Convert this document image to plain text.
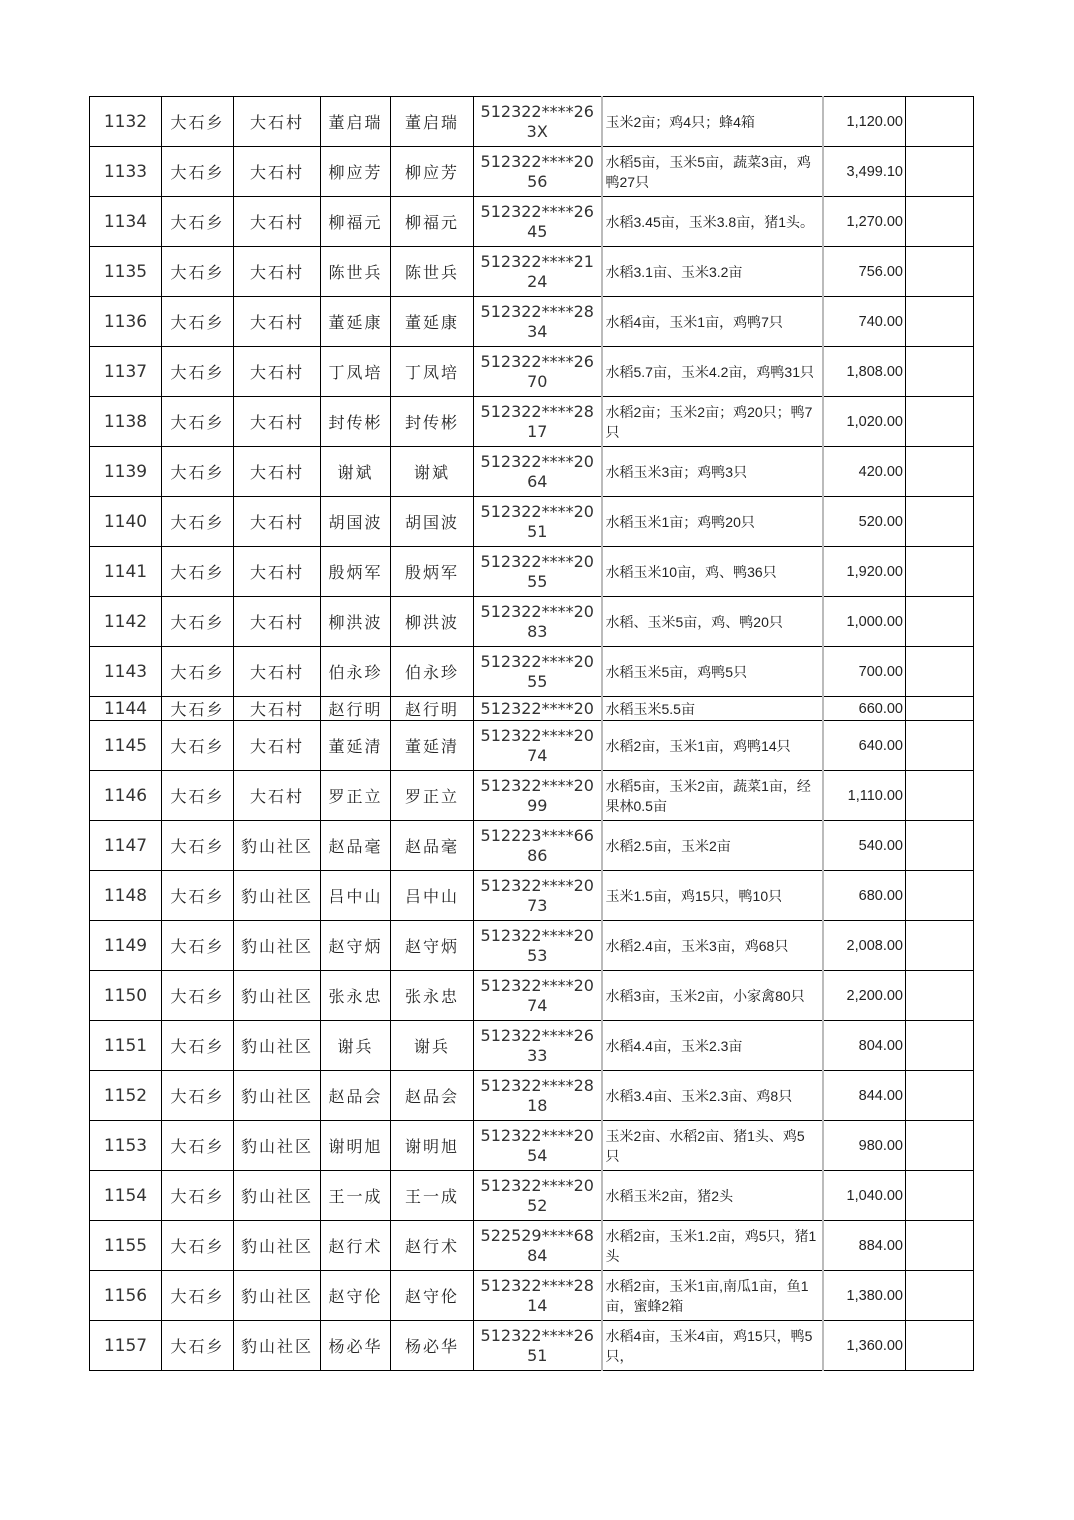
1132	大石乡	大石村	董启瑞	董启瑞	512322****263X	玉米2亩；鸡4只；蜂4箱	1,120.00	
1133	大石乡	大石村	柳应芳	柳应芳	512322****2056	水稻5亩，玉米5亩，蔬菜3亩，鸡鸭27只	3,499.10	
1134	大石乡	大石村	柳福元	柳福元	512322****2645	水稻3.45亩，玉米3.8亩，猪1头。	1,270.00	
1135	大石乡	大石村	陈世兵	陈世兵	512322****2124	水稻3.1亩、玉米3.2亩	756.00	
1136	大石乡	大石村	董延康	董延康	512322****2834	水稻4亩，玉米1亩，鸡鸭7只	740.00	
1137	大石乡	大石村	丁凤培	丁凤培	512322****2670	水稻5.7亩，玉米4.2亩，鸡鸭31只	1,808.00	
1138	大石乡	大石村	封传彬	封传彬	512322****2817	水稻2亩；玉米2亩；鸡20只；鸭7只	1,020.00	
1139	大石乡	大石村	谢斌	谢斌	512322****2064	水稻玉米3亩；鸡鸭3只	420.00	
1140	大石乡	大石村	胡国波	胡国波	512322****2051	水稻玉米1亩；鸡鸭20只	520.00	
1141	大石乡	大石村	殷炳军	殷炳军	512322****2055	水稻玉米10亩，鸡、鸭36只	1,920.00	
1142	大石乡	大石村	柳洪波	柳洪波	512322****2083	水稻、玉米5亩，鸡、鸭20只	1,000.00	
1143	大石乡	大石村	伯永珍	伯永珍	512322****2055	水稻玉米5亩，鸡鸭5只	700.00	
1144	大石乡	大石村	赵行明	赵行明	512322****20	水稻玉米5.5亩	660.00	
1145	大石乡	大石村	董延清	董延清	512322****2074	水稻2亩，玉米1亩，鸡鸭14只	640.00	
1146	大石乡	大石村	罗正立	罗正立	512322****2099	水稻5亩，玉米2亩，蔬菜1亩，经果林0.5亩	1,110.00	
1147	大石乡	豹山社区	赵品毫	赵品毫	512223****6686	水稻2.5亩，玉米2亩	540.00	
1148	大石乡	豹山社区	吕中山	吕中山	512322****2073	玉米1.5亩，鸡15只，鸭10只	680.00	
1149	大石乡	豹山社区	赵守炳	赵守炳	512322****2053	水稻2.4亩，玉米3亩，鸡68只	2,008.00	
1150	大石乡	豹山社区	张永忠	张永忠	512322****2074	水稻3亩，玉米2亩，小家禽80只	2,200.00	
1151	大石乡	豹山社区	谢兵	谢兵	512322****2633	水稻4.4亩，玉米2.3亩	804.00	
1152	大石乡	豹山社区	赵品会	赵品会	512322****2818	水稻3.4亩、玉米2.3亩、鸡8只	844.00	
1153	大石乡	豹山社区	谢明旭	谢明旭	512322****2054	玉米2亩、水稻2亩、猪1头、鸡5只	980.00	
1154	大石乡	豹山社区	王一成	王一成	512322****2052	水稻玉米2亩，猪2头	1,040.00	
1155	大石乡	豹山社区	赵行术	赵行术	522529****6884	水稻2亩，玉米1.2亩，鸡5只，猪1头	884.00	
1156	大石乡	豹山社区	赵守伦	赵守伦	512322****2814	水稻2亩，玉米1亩,南瓜1亩，鱼1亩，蜜蜂2箱	1,380.00	
1157	大石乡	豹山社区	杨必华	杨必华	512322****2651	水稻4亩，玉米4亩，鸡15只，鸭5只，	1,360.00	
